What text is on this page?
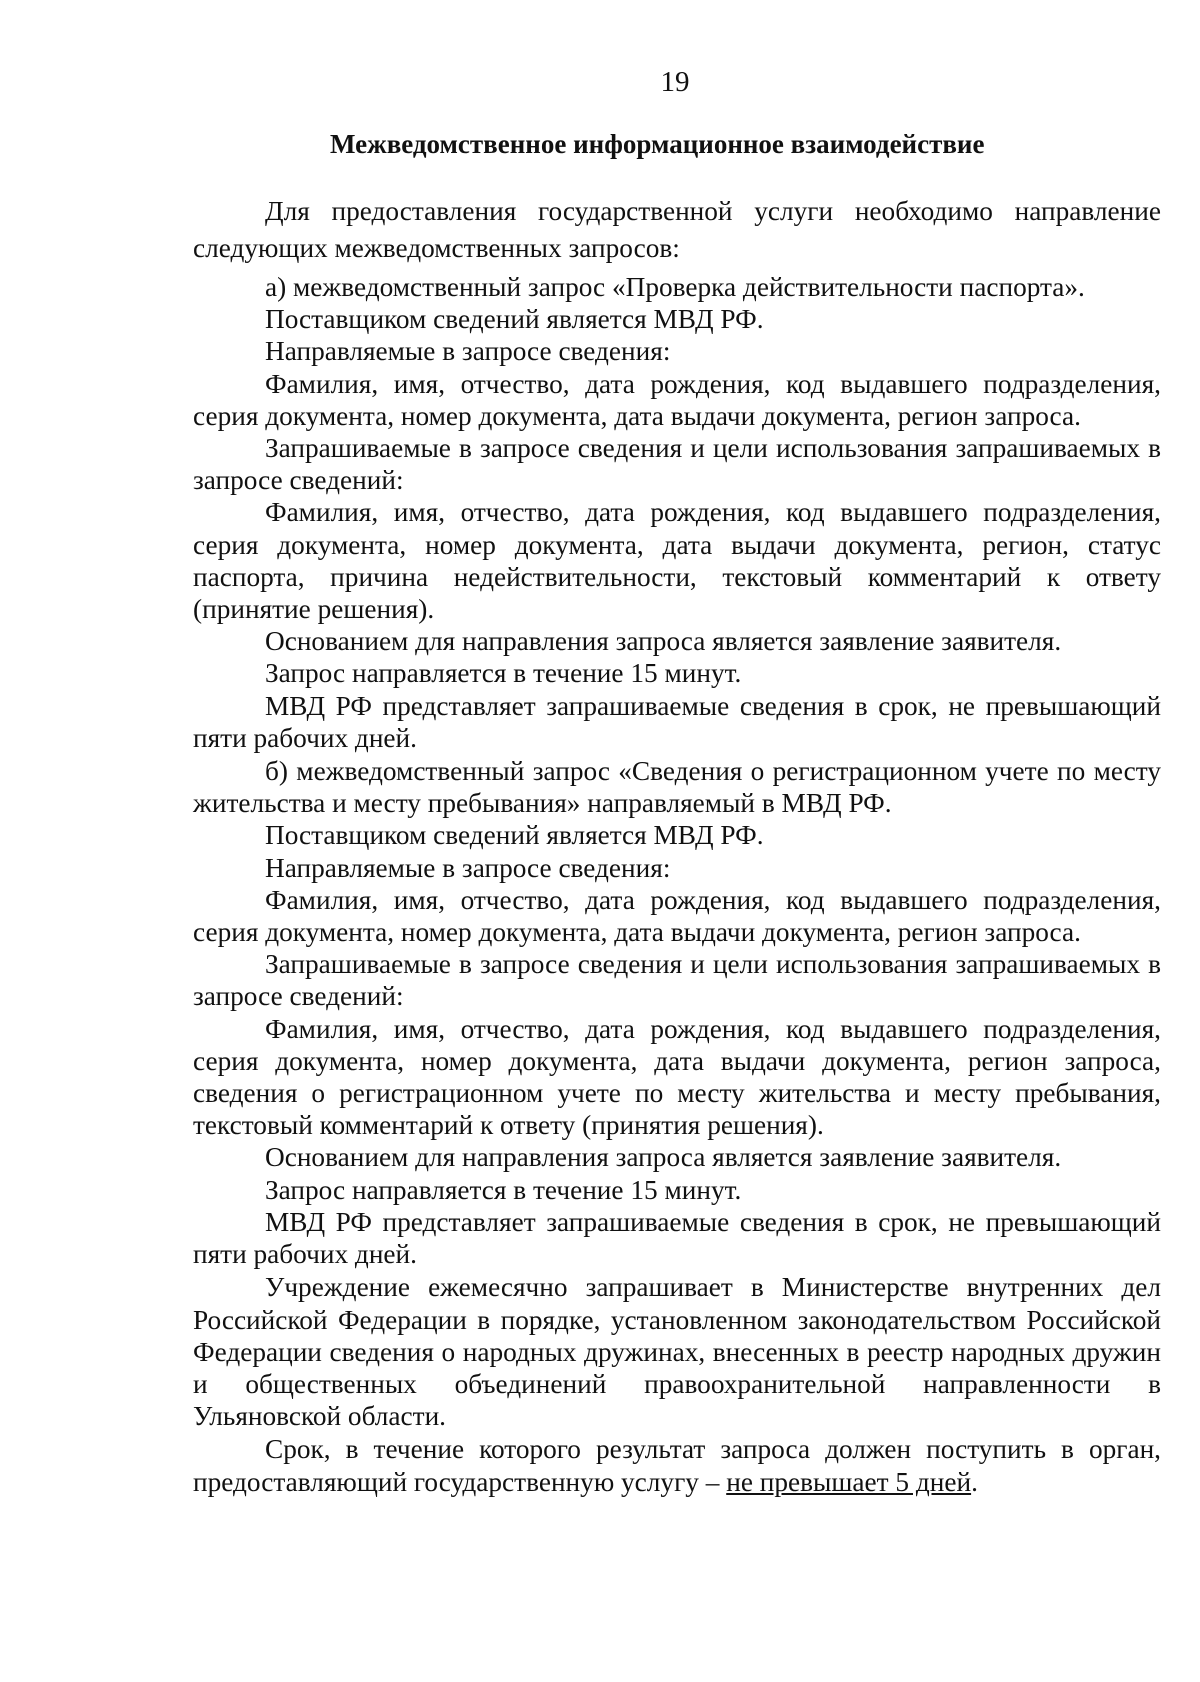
19
Межведомственное информационное взаимодействие

Для предоставления государственной услуги необходимо направление следующих межведомственных запросов:

а) межведомственный запрос «Проверка действительности паспорта».

Поставщиком сведений является МВД РФ.

Направляемые в запросе сведения:

Фамилия, имя, отчество, дата рождения, код выдавшего подразделения, серия документа, номер документа, дата выдачи документа, регион запроса.

Запрашиваемые в запросе сведения и цели использования запрашиваемых в запросе сведений:

Фамилия, имя, отчество, дата рождения, код выдавшего подразделения, серия документа, номер документа, дата выдачи документа, регион, статус паспорта, причина недействительности, текстовый комментарий к ответу (принятие решения).

Основанием для направления запроса является заявление заявителя.

Запрос направляется в течение 15 минут.

МВД РФ представляет запрашиваемые сведения в срок, не превышающий пяти рабочих дней.

б) межведомственный запрос «Сведения о регистрационном учете по месту жительства и месту пребывания» направляемый в МВД РФ.

Поставщиком сведений является МВД РФ.

Направляемые в запросе сведения:

Фамилия, имя, отчество, дата рождения, код выдавшего подразделения, серия документа, номер документа, дата выдачи документа, регион запроса.

Запрашиваемые в запросе сведения и цели использования запрашиваемых в запросе сведений:

Фамилия, имя, отчество, дата рождения, код выдавшего подразделения, серия документа, номер документа, дата выдачи документа, регион запроса, сведения о регистрационном учете по месту жительства и месту пребывания, текстовый комментарий к ответу (принятия решения).

Основанием для направления запроса является заявление заявителя.

Запрос направляется в течение 15 минут.

МВД РФ представляет запрашиваемые сведения в срок, не превышающий пяти рабочих дней.

Учреждение ежемесячно запрашивает в Министерстве внутренних дел Российской Федерации в порядке, установленном законодательством Российской Федерации сведения о народных дружинах, внесенных в реестр народных дружин и общественных объединений правоохранительной направленности в Ульяновской области.

Срок, в течение которого результат запроса должен поступить в орган, предоставляющий государственную услугу – не превышает 5 дней.
